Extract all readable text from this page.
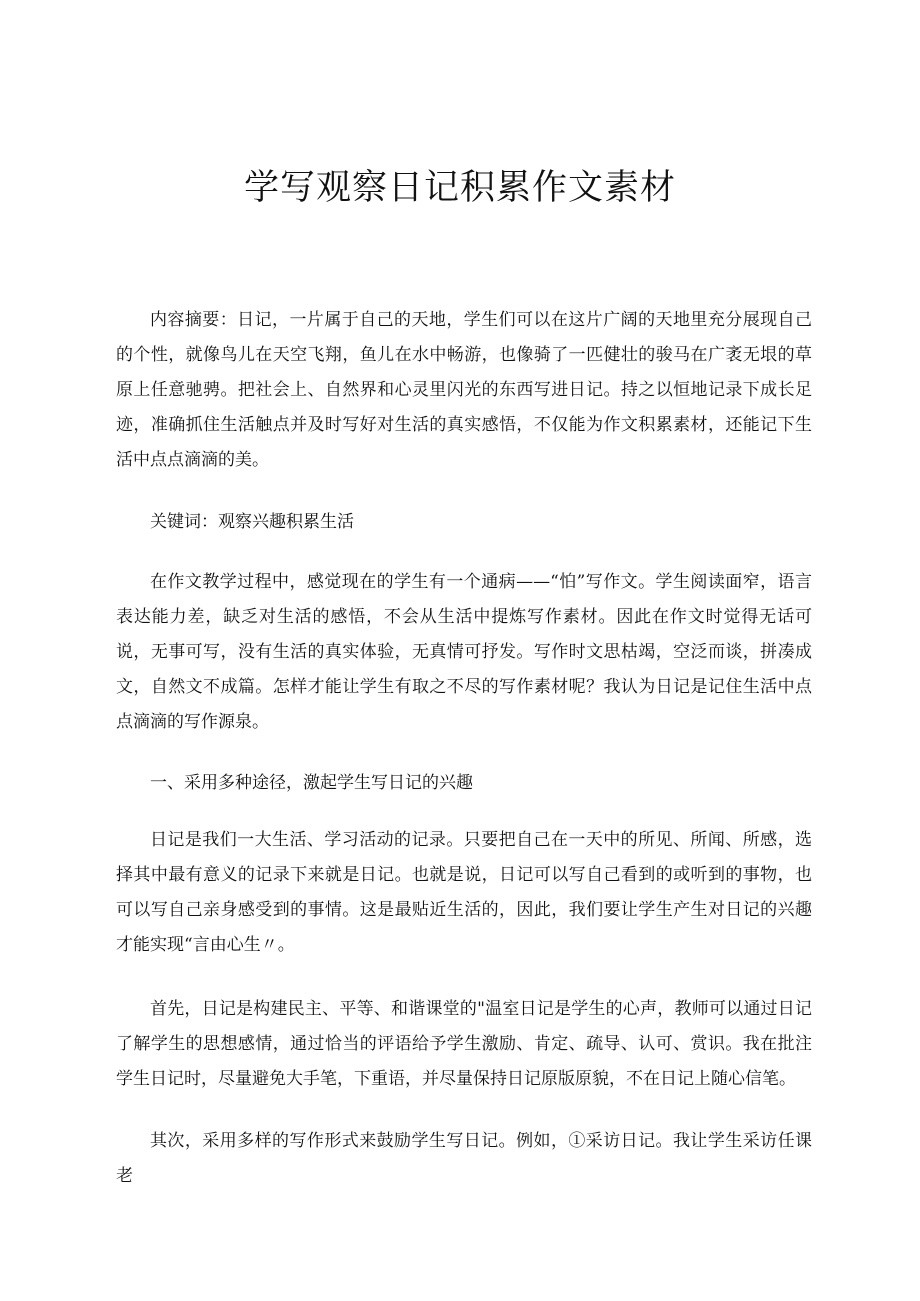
学写观察日记积累作文素材

内容摘要：日记，一片属于自己的天地，学生们可以在这片广阔的天地里充分展现自己的个性，就像鸟儿在天空飞翔，鱼儿在水中畅游，也像骑了一匹健壮的骏马在广袤无垠的草原上任意驰骋。把社会上、自然界和心灵里闪光的东西写进日记。持之以恒地记录下成长足迹，准确抓住生活触点并及时写好对生活的真实感悟，不仅能为作文积累素材，还能记下生活中点点滴滴的美。

关键词：观察兴趣积累生活

在作文教学过程中，感觉现在的学生有一个通病——“怕”写作文。学生阅读面窄，语言表达能力差，缺乏对生活的感悟，不会从生活中提炼写作素材。因此在作文时觉得无话可说，无事可写，没有生活的真实体验，无真情可抒发。写作时文思枯竭，空泛而谈，拼凑成文，自然文不成篇。怎样才能让学生有取之不尽的写作素材呢？我认为日记是记住生活中点点滴滴的写作源泉。

一、采用多种途径，激起学生写日记的兴趣

日记是我们一大生活、学习活动的记录。只要把自己在一天中的所见、所闻、所感，选择其中最有意义的记录下来就是日记。也就是说，日记可以写自己看到的或听到的事物，也可以写自己亲身感受到的事情。这是最贴近生活的，因此，我们要让学生产生对日记的兴趣才能实现“言由心生〃。

首先，日记是构建民主、平等、和谐课堂的"温室日记是学生的心声，教师可以通过日记了解学生的思想感情，通过恰当的评语给予学生激励、肯定、疏导、认可、赏识。我在批注学生日记时，尽量避免大手笔，下重语，并尽量保持日记原版原貌，不在日记上随心信笔。

其次，采用多样的写作形式来鼓励学生写日记。例如，①采访日记。我让学生采访任课老
